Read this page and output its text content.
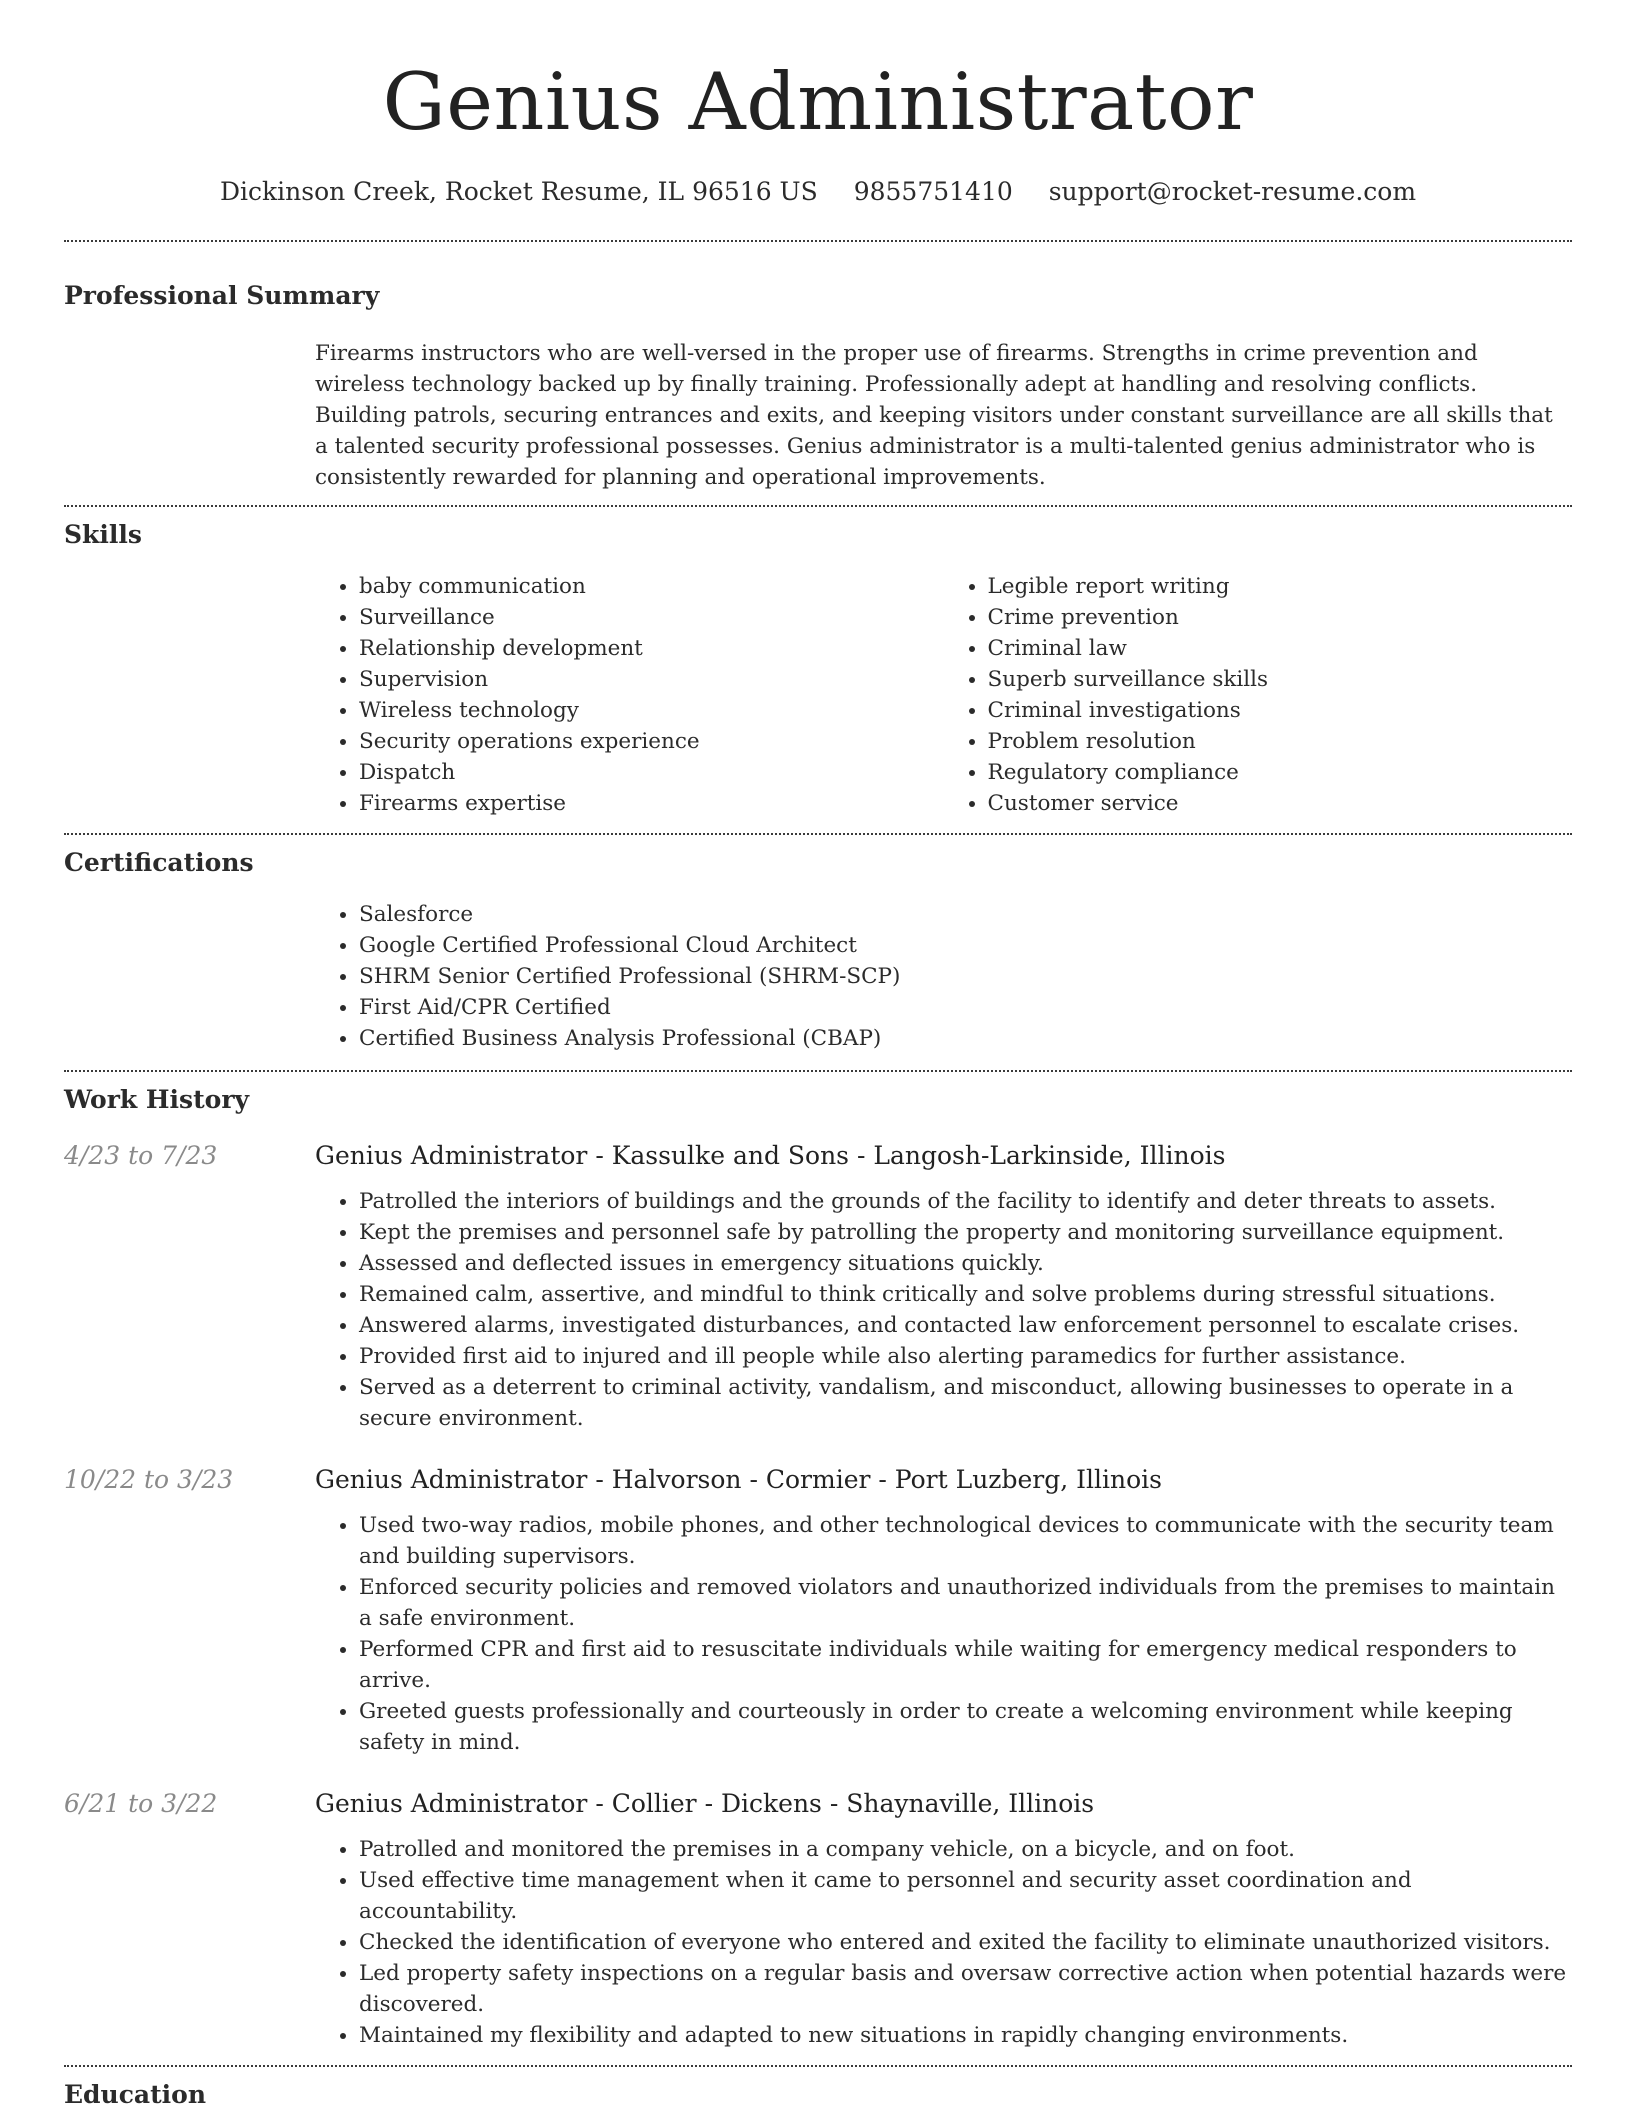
Genius Administrator
Dickinson Creek, Rocket Resume, IL 96516 US 9855751410 support@rocket-resume.com
Professional Summary

Firearms instructors who are well-versed in the proper use of firearms. Strengths in crime prevention and wireless technology backed up by finally training. Professionally adept at handling and resolving conflicts. Building patrols, securing entrances and exits, and keeping visitors under constant surveillance are all skills that a talented security professional possesses. Genius administrator is a multi-talented genius administrator who is consistently rewarded for planning and operational improvements.

Skills
• baby communication
• Surveillance
• Relationship development
• Supervision
• Wireless technology
• Security operations experience
• Dispatch
• Firearms expertise
• Legible report writing
• Crime prevention
• Criminal law
• Superb surveillance skills
• Criminal investigations
• Problem resolution
• Regulatory compliance
• Customer service
Certifications
• Salesforce
• Google Certified Professional Cloud Architect
• SHRM Senior Certified Professional (SHRM-SCP)
• First Aid/CPR Certified
• Certified Business Analysis Professional (CBAP)
Work History
4/23 to 7/23	Genius Administrator - Kassulke and Sons - Langosh-Larkinside, Illinois
• Patrolled the interiors of buildings and the grounds of the facility to identify and deter threats to assets.
• Kept the premises and personnel safe by patrolling the property and monitoring surveillance equipment.
• Assessed and deflected issues in emergency situations quickly.
• Remained calm, assertive, and mindful to think critically and solve problems during stressful situations.
• Answered alarms, investigated disturbances, and contacted law enforcement personnel to escalate crises.
• Provided first aid to injured and ill people while also alerting paramedics for further assistance.
• Served as a deterrent to criminal activity, vandalism, and misconduct, allowing businesses to operate in a secure environment.
10/22 to 3/23	Genius Administrator - Halvorson - Cormier - Port Luzberg, Illinois
• Used two-way radios, mobile phones, and other technological devices to communicate with the security team and building supervisors.
• Enforced security policies and removed violators and unauthorized individuals from the premises to maintain a safe environment.
• Performed CPR and first aid to resuscitate individuals while waiting for emergency medical responders to arrive.
• Greeted guests professionally and courteously in order to create a welcoming environment while keeping safety in mind.
6/21 to 3/22	Genius Administrator - Collier - Dickens - Shaynaville, Illinois
• Patrolled and monitored the premises in a company vehicle, on a bicycle, and on foot.
• Used effective time management when it came to personnel and security asset coordination and accountability.
• Checked the identification of everyone who entered and exited the facility to eliminate unauthorized visitors.
• Led property safety inspections on a regular basis and oversaw corrective action when potential hazards were discovered.
• Maintained my flexibility and adapted to new situations in rapidly changing environments.
Education
